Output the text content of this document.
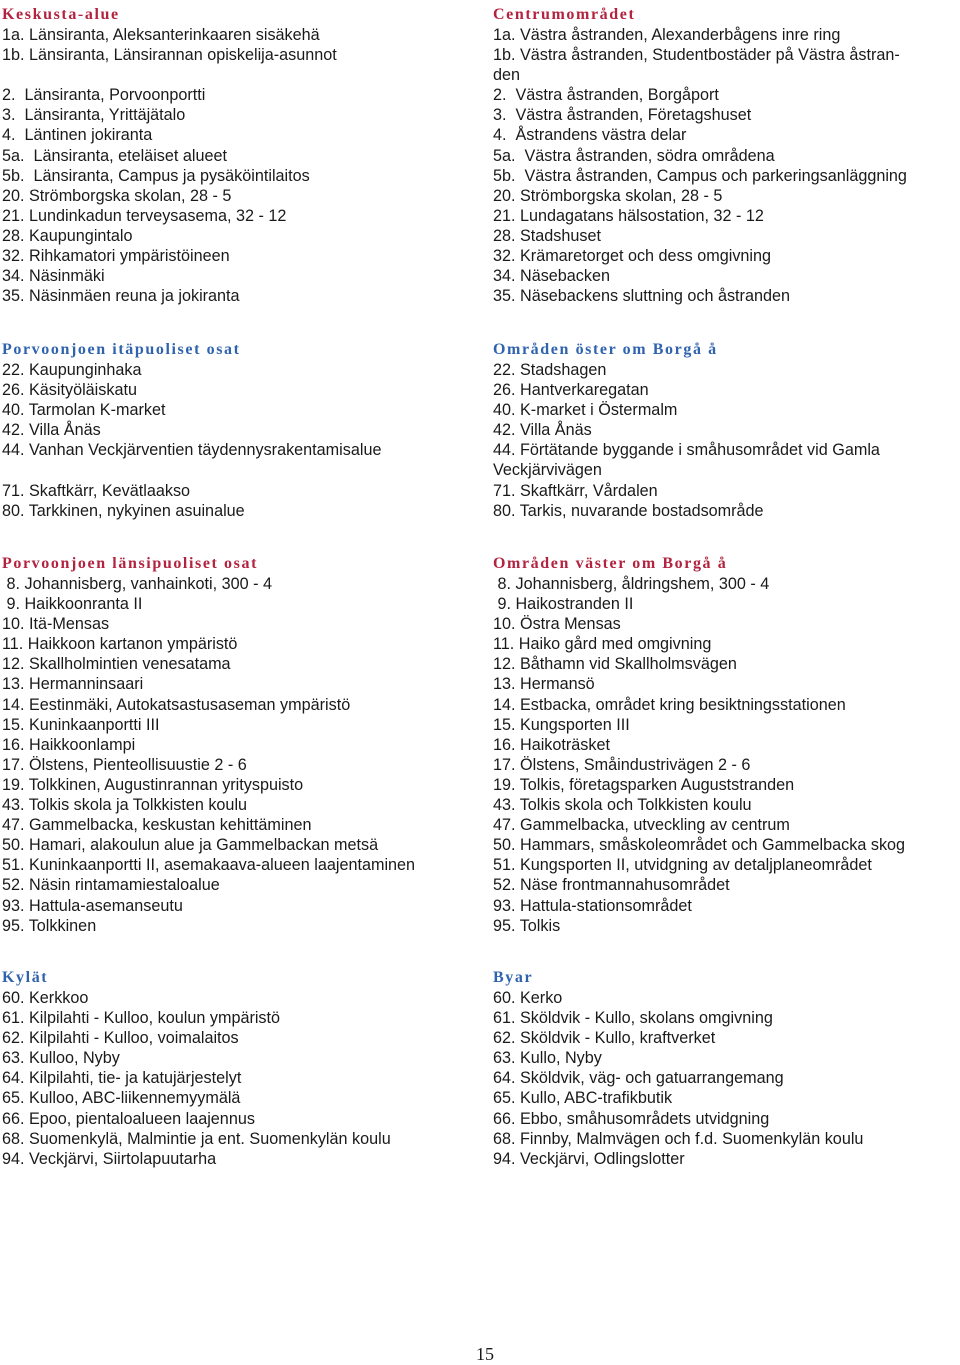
Keskusta-alue
1a. Länsiranta, Aleksanterinkaaren sisäkehä
1b. Länsiranta, Länsirannan opiskelija-asunnot

2.  Länsiranta, Porvoonportti
3.  Länsiranta, Yrittäjätalo
4.  Läntinen jokiranta
5a.  Länsiranta, eteläiset alueet
5b.  Länsiranta, Campus ja pysäköintilaitos
20. Strömborgska skolan, 28 - 5
21. Lundinkadun terveysasema, 32 - 12
28. Kaupungintalo
32. Rihkamatori ympäristöineen
34. Näsinmäki
35. Näsinmäen reuna ja jokiranta
Porvoonjoen itäpuoliset osat
22. Kaupunginhaka
26. Käsityöläiskatu
40. Tarmolan K-market
42. Villa Ånäs
44. Vanhan Veckjärventien täydennysrakentamisalue

71. Skaftkärr, Kevätlaakso
80. Tarkkinen, nykyinen asuinalue
Porvoonjoen länsipuoliset osat
8. Johannisberg, vanhainkoti, 300 - 4
9. Haikkoonranta II
10. Itä-Mensas
11. Haikkoon kartanon ympäristö
12. Skallholmintien venesatama
13. Hermanninsaari
14. Eestinmäki, Autokatsastusaseman ympäristö
15. Kuninkaanportti III
16. Haikkoonlampi
17. Ölstens, Pienteollisuustie 2 - 6
19. Tolkkinen, Augustinrannan yrityspuisto
43. Tolkis skola ja Tolkkisten koulu
47. Gammelbacka, keskustan kehittäminen
50. Hamari, alakoulun alue ja Gammelbackan metsä
51. Kuninkaanportti II, asemakaava-alueen laajentaminen
52. Näsin rintamamiestaloalue
93. Hattula-asemanseutu
95. Tolkkinen
Kylät
60. Kerkkoo
61. Kilpilahti - Kulloo, koulun ympäristö
62. Kilpilahti - Kulloo, voimalaitos
63. Kulloo, Nyby
64. Kilpilahti, tie- ja katujärjestelyt
65. Kulloo, ABC-liikennemyymälä
66. Epoo, pientaloalueen laajennus
68. Suomenkylä, Malmintie ja ent. Suomenkylän koulu
94. Veckjärvi, Siirtolapuutarha
Centrumområdet
1a. Västra åstranden, Alexanderbågens inre ring
1b. Västra åstranden, Studentbostäder på Västra åstran-
den
2.  Västra åstranden, Borgåport
3.  Västra åstranden, Företagshuset
4.  Åstrandens västra delar
5a.  Västra åstranden, södra områdena
5b.  Västra åstranden, Campus och parkeringsanläggning
20. Strömborgska skolan, 28 - 5
21. Lundagatans hälsostation, 32 - 12
28. Stadshuset
32. Krämaretorget och dess omgivning
34. Näsebacken
35. Näsebackens sluttning och åstranden
Områden öster om Borgå å
22. Stadshagen
26. Hantverkaregatan
40. K-market i Östermalm
42. Villa Ånäs
44. Förtätande byggande i småhusområdet vid Gamla
Veckjärvivägen
71. Skaftkärr, Vårdalen
80. Tarkis, nuvarande bostadsområde
Områden väster om Borgå å
8. Johannisberg, åldringshem, 300 - 4
9. Haikostranden II
10. Östra Mensas
11. Haiko gård med omgivning
12. Båthamn vid Skallholmsvägen
13. Hermansö
14. Estbacka, området kring besiktningsstationen
15. Kungsporten III
16. Haikoträsket
17. Ölstens, Småindustrivägen 2 - 6
19. Tolkis, företagsparken Auguststranden
43. Tolkis skola och Tolkkisten koulu
47. Gammelbacka, utveckling av centrum
50. Hammars, småskoleområdet och Gammelbacka skog
51. Kungsporten II, utvidgning av detaljplaneområdet
52. Näse frontmannahusområdet
93. Hattula-stationsområdet
95. Tolkis
Byar
60. Kerko
61. Sköldvik - Kullo, skolans omgivning
62. Sköldvik - Kullo, kraftverket
63. Kullo, Nyby
64. Sköldvik, väg- och gatuarrangemang
65. Kullo, ABC-trafikbutik
66. Ebbo, småhusområdets utvidgning
68. Finnby, Malmvägen och f.d. Suomenkylän koulu
94. Veckjärvi, Odlingslotter
15
